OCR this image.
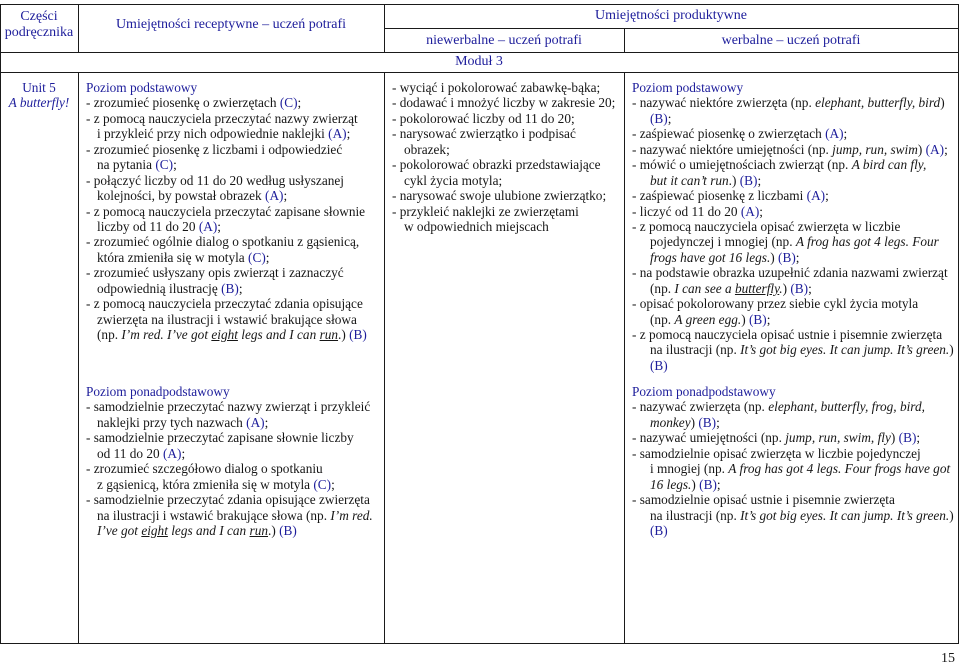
Części podręcznika
Umiejętności receptywne – uczeń potrafi
Umiejętności produktywne
niewerbalne – uczeń potrafi	werbalne – uczeń potrafi
Moduł 3
Unit 5
A butterfly!
Poziom podstawowy
- zrozumieć piosenkę o zwierzętach (C);
- z pomocą nauczyciela przeczytać nazwy zwierząt
i przykleić przy nich odpowiednie naklejki (A);
- zrozumieć piosenkę z liczbami i odpowiedzieć
na pytania (C);
- połączyć liczby od 11 do 20 według usłyszanej
kolejności, by powstał obrazek (A);
- z pomocą nauczyciela przeczytać zapisane słownie
liczby od 11 do 20 (A);
- zrozumieć ogólnie dialog o spotkaniu z gąsienicą,
która zmieniła się w motyla (C);
- zrozumieć usłyszany opis zwierząt i zaznaczyć
odpowiednią ilustrację (B);
- z pomocą nauczyciela przeczytać zdania opisujące
zwierzęta na ilustracji i wstawić brakujące słowa
(np. I’m red. I’ve got eight legs and I can run.) (B)
Poziom ponadpodstawowy
- samodzielnie przeczytać nazwy zwierząt i przykleić
naklejki przy tych nazwach (A);
- samodzielnie przeczytać zapisane słownie liczby
od 11 do 20 (A);
- zrozumieć szczegółowo dialog o spotkaniu
z gąsienicą, która zmieniła się w motyla (C);
- samodzielnie przeczytać zdania opisujące zwierzęta
na ilustracji i wstawić brakujące słowa (np. I’m red.
I’ve got eight legs and I can run.) (B)
- wyciąć i pokolorować zabawkę-bąka;
- dodawać i mnożyć liczby w zakresie 20;
- pokolorować liczby od 11 do 20;
- narysować zwierzątko i podpisać
obrazek;
- pokolorować obrazki przedstawiające
cykl życia motyla;
- narysować swoje ulubione zwierzątko;
- przykleić naklejki ze zwierzętami
w odpowiednich miejscach
Poziom podstawowy
- nazywać niektóre zwierzęta (np. elephant, butterfly, bird)
(B);
- zaśpiewać piosenkę o zwierzętach (A);
- nazywać niektóre umiejętności (np. jump, run, swim) (A);
- mówić o umiejętnościach zwierząt (np. A bird can fly,
but it can’t run.) (B);
- zaśpiewać piosenkę z liczbami (A);
- liczyć od 11 do 20 (A);
- z pomocą nauczyciela opisać zwierzęta w liczbie
pojedynczej i mnogiej (np. A frog has got 4 legs. Four
frogs have got 16 legs.) (B);
- na podstawie obrazka uzupełnić zdania nazwami zwierząt
(np. I can see a butterfly.) (B);
- opisać pokolorowany przez siebie cykl życia motyla
(np. A green egg.) (B);
- z pomocą nauczyciela opisać ustnie i pisemnie zwierzęta
na ilustracji (np. It’s got big eyes. It can jump. It’s green.)
(B)
Poziom ponadpodstawowy
- nazywać zwierzęta (np. elephant, butterfly, frog, bird,
monkey) (B);
- nazywać umiejętności (np. jump, run, swim, fly) (B);
- samodzielnie opisać zwierzęta w liczbie pojedynczej
i mnogiej (np. A frog has got 4 legs. Four frogs have got
16 legs.) (B);
- samodzielnie opisać ustnie i pisemnie zwierzęta
na ilustracji (np. It’s got big eyes. It can jump. It’s green.)
(B)
15
